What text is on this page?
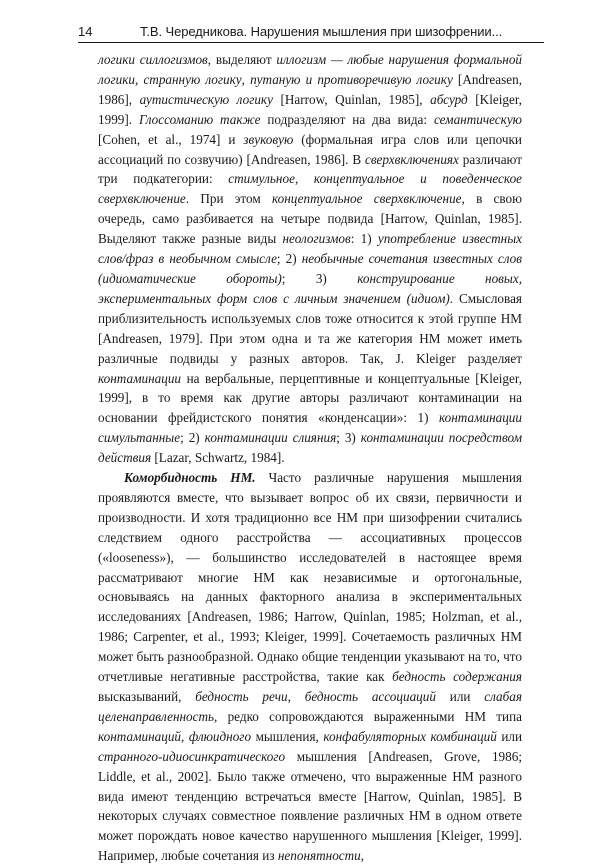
14	Т.В. Чередникова. Нарушения мышления при шизофрении...

логики силлогизмов, выделяют иллогизм — любые нарушения формальной логики, странную логику, путаную и противоречивую логику [Andreasen, 1986], аутистическую логику [Harrow, Quinlan, 1985], абсурд [Kleiger, 1999]. Глоссоманию также подразделяют на два вида: семантическую [Cohen, et al., 1974] и звуковую (формальная игра слов или цепочки ассоциаций по созвучию) [Andreasen, 1986]. В сверхвключениях различают три подкатегории: стимульное, концептуальное и поведенческое сверхвключение. При этом концептуальное сверхвключение, в свою очередь, само разбивается на четыре подвида [Harrow, Quinlan, 1985]. Выделяют также разные виды неологизмов: 1) употребление известных слов/фраз в необычном смысле; 2) необычные сочетания известных слов (идиоматические обороты); 3) конструирование новых, экспериментальных форм слов с личным значением (идиом). Смысловая приблизительность используемых слов тоже относится к этой группе НМ [Andreasen, 1979]. При этом одна и та же категория НМ может иметь различные подвиды у разных авторов. Так, J. Kleiger разделяет контаминации на вербальные, перцептивные и концептуальные [Kleiger, 1999], в то время как другие авторы различают контаминации на основании фрейдистского понятия «конденсации»: 1) контаминации симультанные; 2) контаминации слияния; 3) контаминации посредством действия [Lazar, Schwartz, 1984].

Коморбидность НМ. Часто различные нарушения мышления проявляются вместе, что вызывает вопрос об их связи, первичности и производности. И хотя традиционно все НМ при шизофрении считались следствием одного расстройства — ассоциативных процессов («looseness»), — большинство исследователей в настоящее время рассматривают многие НМ как независимые и ортогональные, основываясь на данных факторного анализа в экспериментальных исследованиях [Andreasen, 1986; Harrow, Quinlan, 1985; Holzman, et al., 1986; Carpenter, et al., 1993; Kleiger, 1999]. Сочетаемость различных НМ может быть разнообразной. Однако общие тенденции указывают на то, что отчетливые негативные расстройства, такие как бедность содержания высказываний, бедность речи, бедность ассоциаций или слабая целенаправленность, редко сопровождаются выраженными НМ типа контаминаций, флюидного мышления, конфабуляторных комбинаций или странного-идиосинкратического мышления [Andreasen, Grove, 1986; Liddle, et al., 2002]. Было также отмечено, что выраженные НМ разного вида имеют тенденцию встречаться вместе [Harrow, Quinlan, 1985]. В некоторых случаях совместное появление различных НМ в одном ответе может порождать новое качество нарушенного мышления [Kleiger, 1999]. Например, любые сочетания из непонятности,
